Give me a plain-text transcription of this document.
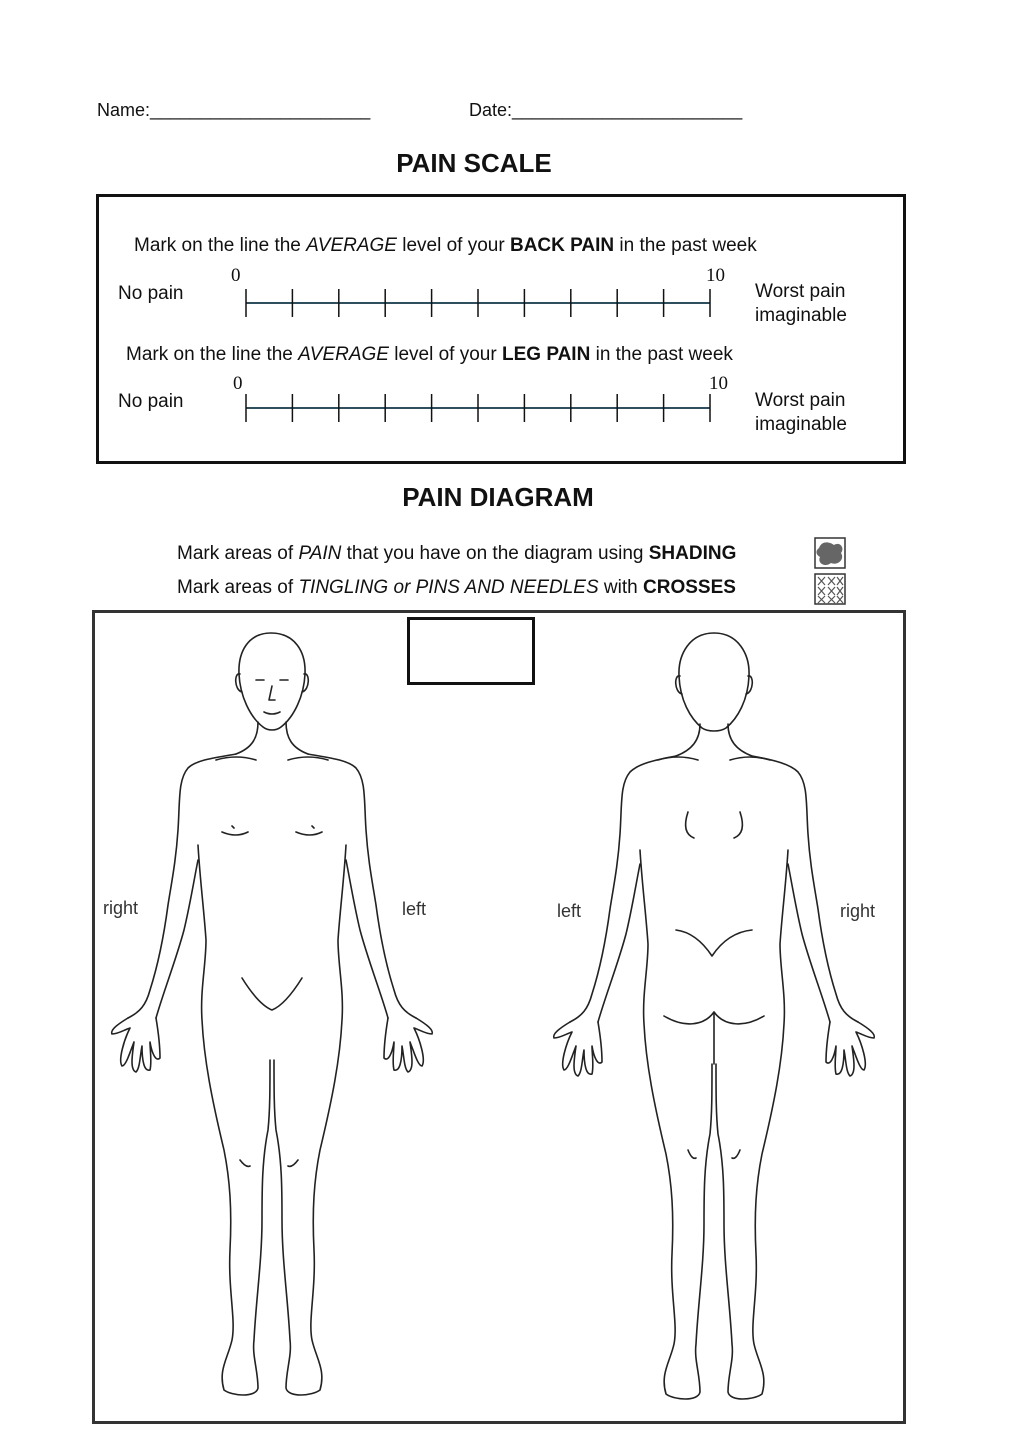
Name:______________________	Date:_______________________
PAIN SCALE
Mark on the line the AVERAGE level of your BACK PAIN in the past week
0	10
No pain	Worst pain
imaginable
Mark on the line the AVERAGE level of your LEG PAIN in the past week
0	10
No pain	Worst pain
imaginable
PAIN DIAGRAM
Mark areas of PAIN that you have on the diagram using SHADING
Mark areas of TINGLING or PINS AND NEEDLES with CROSSES
right	left	left	right
